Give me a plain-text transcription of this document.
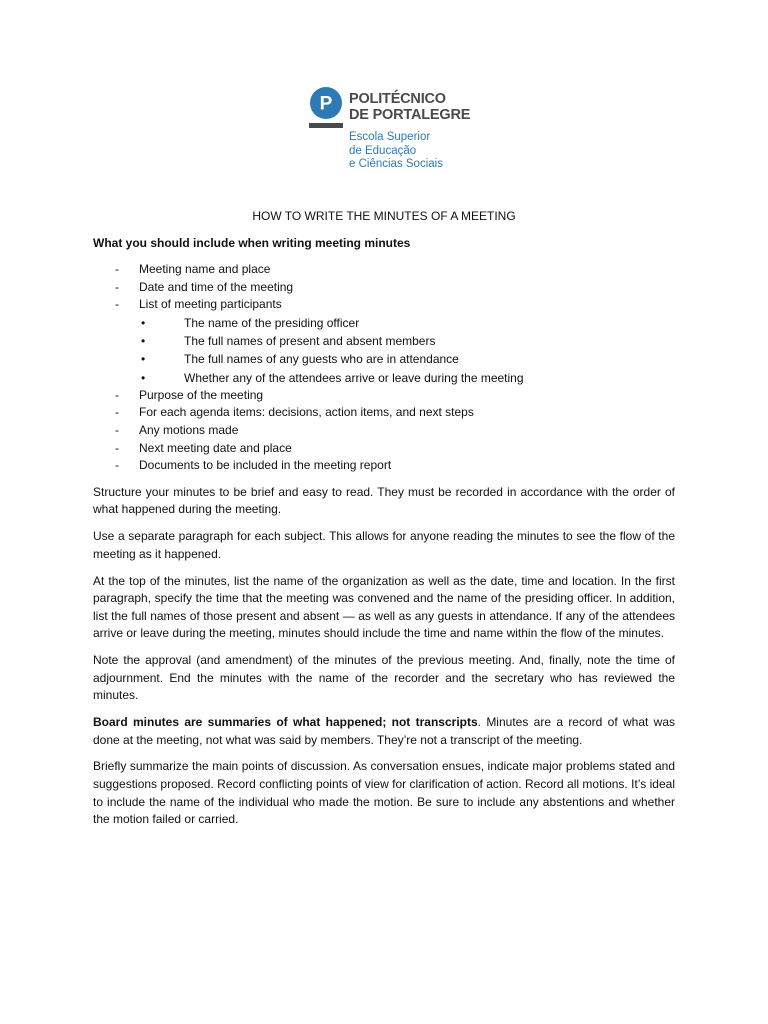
P POLITÉCNICO
DE PORTALEGRE
Escola Superior
de Educação
e Ciências Sociais
HOW TO WRITE THE MINUTES OF A MEETING
What you should include when writing meeting minutes
- Meeting name and place
- Date and time of the meeting
- List of meeting participants
•	The name of the presiding officer
•	The full names of present and absent members
•	The full names of any guests who are in attendance
•	Whether any of the attendees arrive or leave during the meeting
- Purpose of the meeting
- For each agenda items: decisions, action items, and next steps
- Any motions made
- Next meeting date and place
- Documents to be included in the meeting report

Structure your minutes to be brief and easy to read. They must be recorded in accordance with the order of what happened during the meeting.

Use a separate paragraph for each subject. This allows for anyone reading the minutes to see the flow of the meeting as it happened.

At the top of the minutes, list the name of the organization as well as the date, time and location. In the first paragraph, specify the time that the meeting was convened and the name of the presiding officer. In addition, list the full names of those present and absent — as well as any guests in attendance. If any of the attendees arrive or leave during the meeting, minutes should include the time and name within the flow of the minutes.

Note the approval (and amendment) of the minutes of the previous meeting. And, finally, note the time of adjournment. End the minutes with the name of the recorder and the secretary who has reviewed the minutes.

Board minutes are summaries of what happened; not transcripts. Minutes are a record of what was done at the meeting, not what was said by members. They’re not a transcript of the meeting.

Briefly summarize the main points of discussion. As conversation ensues, indicate major problems stated and suggestions proposed. Record conflicting points of view for clarification of action. Record all motions. It’s ideal to include the name of the individual who made the motion. Be sure to include any abstentions and whether the motion failed or carried.
